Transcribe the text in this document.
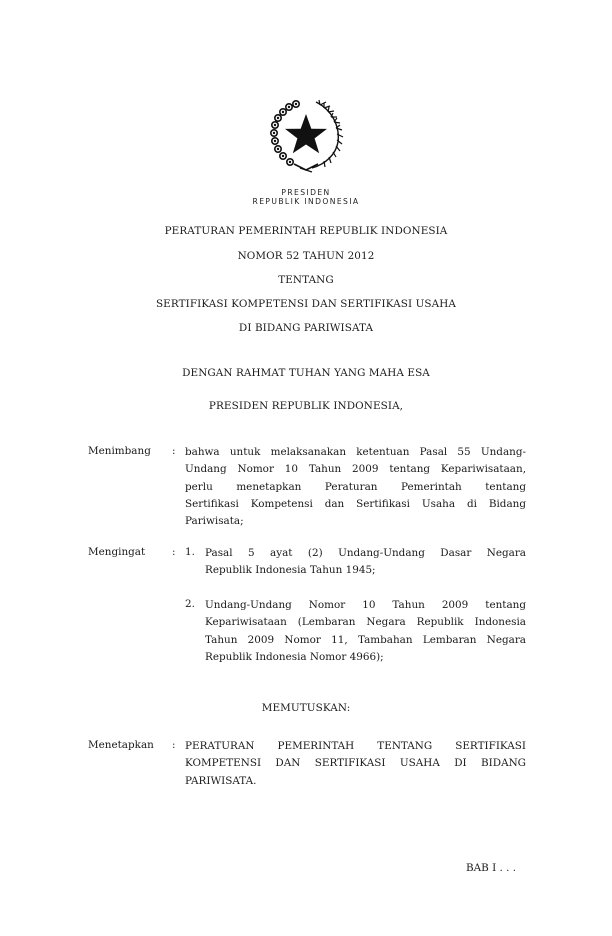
PRESIDEN
REPUBLIK INDONESIA
PERATURAN PEMERINTAH REPUBLIK INDONESIA
NOMOR 52 TAHUN 2012
TENTANG
SERTIFIKASI KOMPETENSI DAN SERTIFIKASI USAHA
DI BIDANG PARIWISATA
DENGAN RAHMAT TUHAN YANG MAHA ESA
PRESIDEN REPUBLIK INDONESIA,
Menimbang : bahwa untuk melaksanakan ketentuan Pasal 55 Undang-
Undang Nomor 10 Tahun 2009 tentang Kepariwisataan,
perlu menetapkan Peraturan Pemerintah tentang
Sertifikasi Kompetensi dan Sertifikasi Usaha di Bidang
Pariwisata;
Mengingat	: 1. Pasal 5 ayat (2) Undang-Undang Dasar Negara
Republik Indonesia Tahun 1945;
2. Undang-Undang Nomor 10 Tahun 2009 tentang
Kepariwisataan (Lembaran Negara Republik Indonesia
Tahun 2009 Nomor 11, Tambahan Lembaran Negara
Republik Indonesia Nomor 4966);
MEMUTUSKAN:
Menetapkan : PERATURAN PEMERINTAH TENTANG SERTIFIKASI
KOMPETENSI DAN SERTIFIKASI USAHA DI BIDANG
PARIWISATA.
BAB I . . .
